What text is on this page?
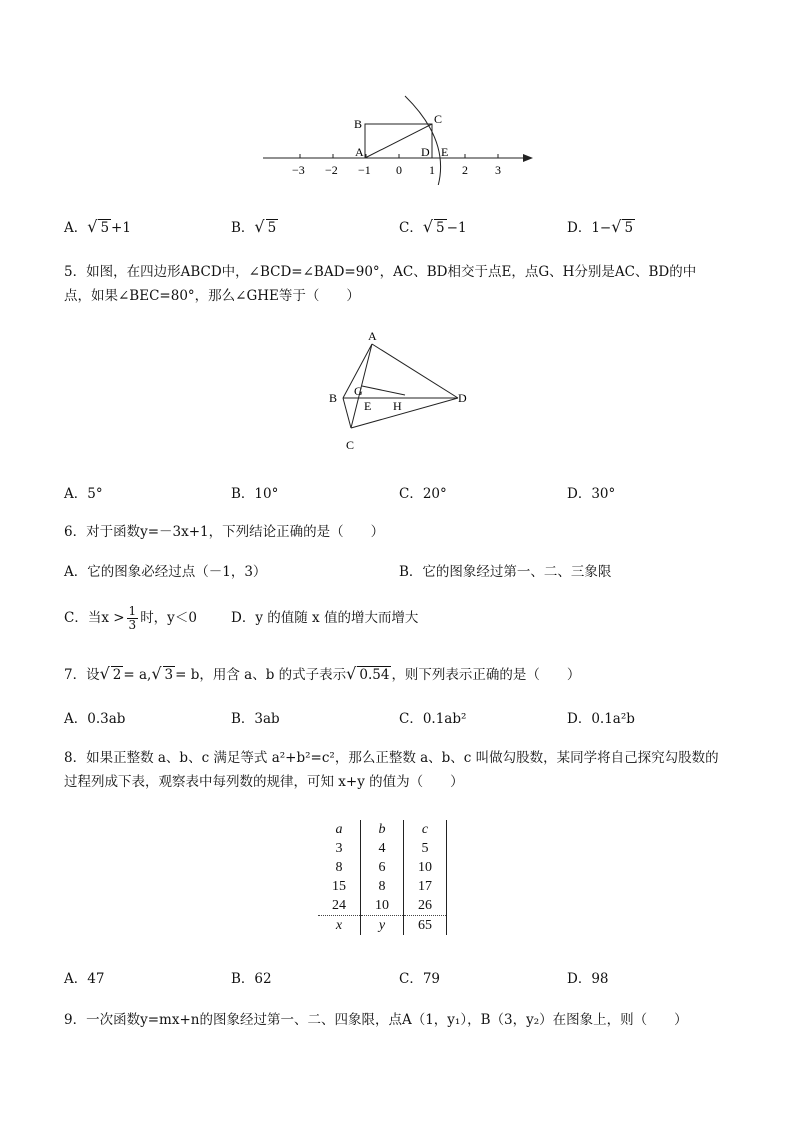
B	C
A	D E
−3 −2 −1 0 1 2 3
A．√ 5 +1	B．√ 5	C．√ 5 −1	D．1−√ 5
5．如图，在四边形ABCD中，∠BCD=∠BAD=90°，AC、BD相交于点E，点G、H分别是AC、BD的中
点，如果∠BEC=80°，那么∠GHE等于（　　）
A
B
C
D
G
E H
A．5°	B．10°	C．20°	D．30°
6．对于函数y=－3x+1，下列结论正确的是（　　）
A．它的图象必经过点（－1，3）	B．它的图象经过第一、二、三象限
C．当$x > \frac{1}{3}$ 时，y＜0	D．y 的值随 x 值的增大而增大
7．设√ 2 = a,√ 3 = b，用含 a、b 的式子表示√ 0.54 ，则下列表示正确的是（　　）
A．0.3ab	B．3ab	C．0.1ab²	D．0.1a²b
8．如果正整数 a、b、c 满足等式 a²+b²=c²，那么正整数 a、b、c 叫做勾股数，某同学将自己探究勾股数的
过程列成下表，观察表中每列数的规律，可知 x+y 的值为（　　）
a	b	c
3	4	5
8	6	10
15	8	17
24	10	26
x	y	65
A．47	B．62	C．79	D．98
9．一次函数y=mx+n的图象经过第一、二、四象限，点A（1，y₁），B（3，y₂）在图象上，则（　　）
